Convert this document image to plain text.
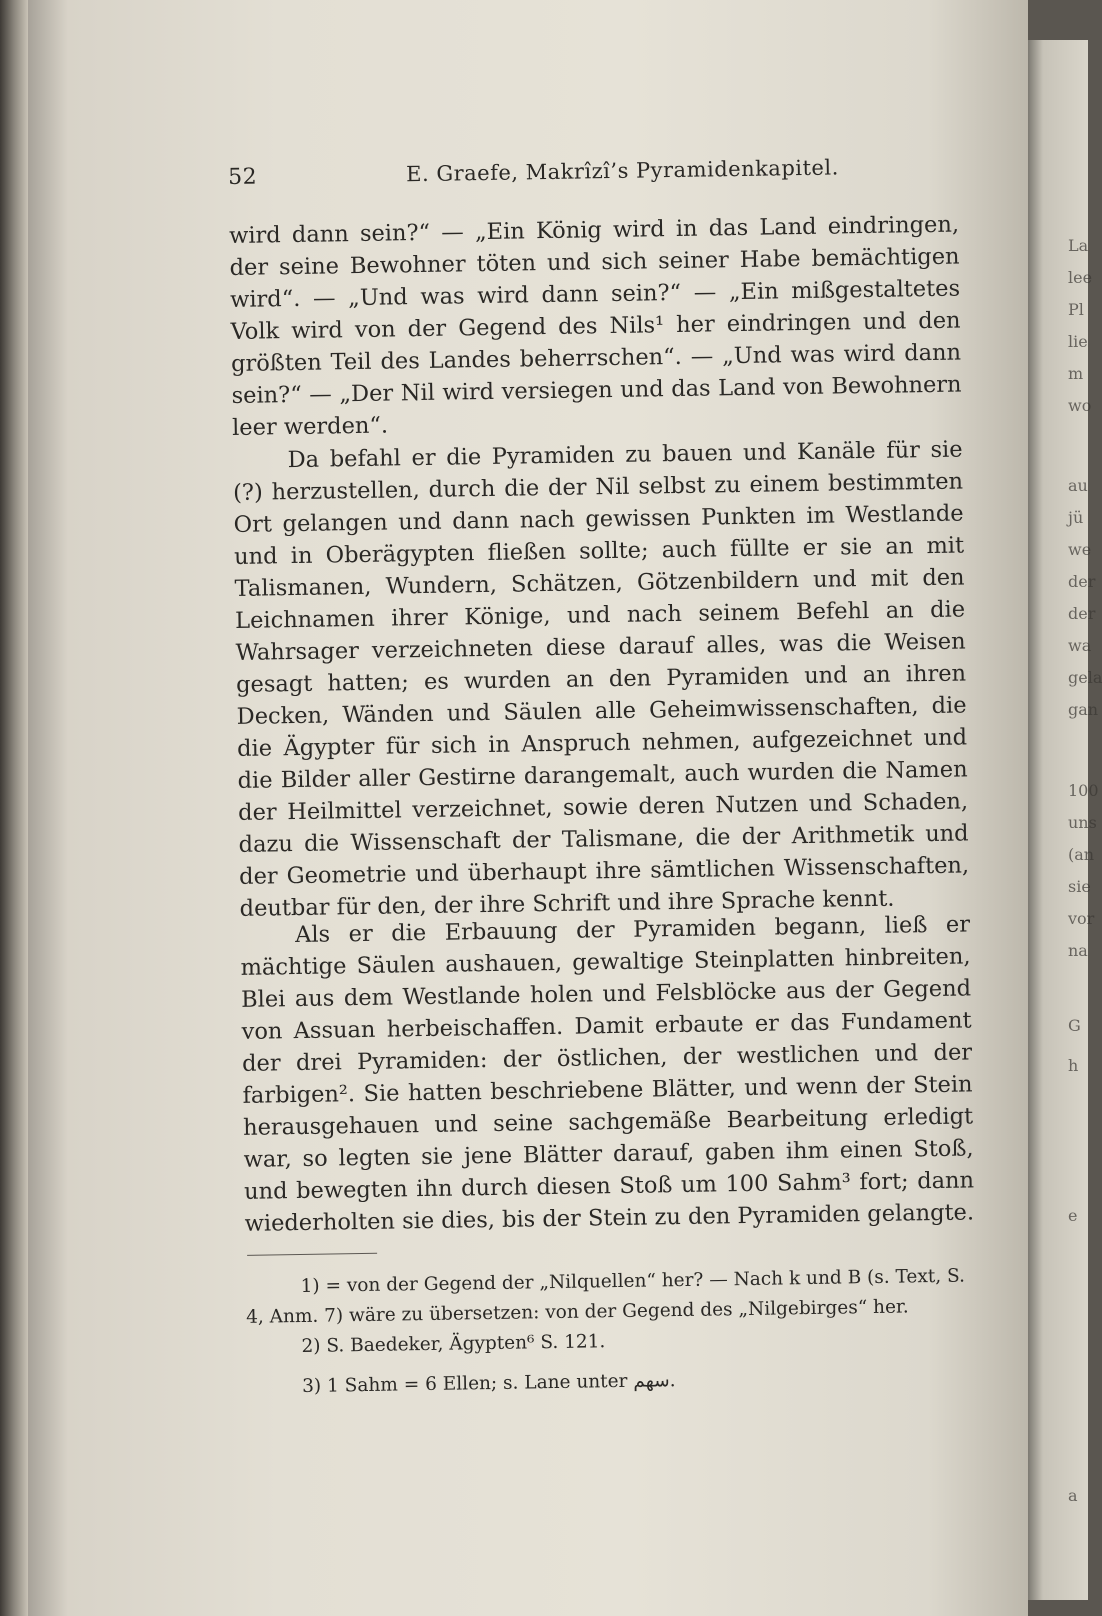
52	E. Graefe, Makrîzî’s Pyramidenkapitel.

wird dann sein?“ — „Ein König wird in das Land eindringen, der seine Bewohner töten und sich seiner Habe bemächtigen wird“. — „Und was wird dann sein?“ — „Ein mißgestaltetes Volk wird von der Gegend des Nils¹ her eindringen und den größten Teil des Landes beherrschen“. — „Und was wird dann sein?“ — „Der Nil wird versiegen und das Land von Bewohnern leer werden“.

Da befahl er die Pyramiden zu bauen und Kanäle für sie (?) herzustellen, durch die der Nil selbst zu einem bestimmten Ort gelangen und dann nach gewissen Punkten im Westlande und in Oberägypten fließen sollte; auch füllte er sie an mit Talismanen, Wundern, Schätzen, Götzenbildern und mit den Leichnamen ihrer Könige, und nach seinem Befehl an die Wahrsager verzeichneten diese darauf alles, was die Weisen gesagt hatten; es wurden an den Pyramiden und an ihren Decken, Wänden und Säulen alle Geheimwissenschaften, die die Ägypter für sich in Anspruch nehmen, aufgezeichnet und die Bilder aller Gestirne darangemalt, auch wurden die Namen der Heilmittel verzeichnet, sowie deren Nutzen und Schaden, dazu die Wissenschaft der Talismane, die der Arithmetik und der Geometrie und überhaupt ihre sämtlichen Wissenschaften, deutbar für den, der ihre Schrift und ihre Sprache kennt.

Als er die Erbauung der Pyramiden begann, ließ er mächtige Säulen aushauen, gewaltige Steinplatten hinbreiten, Blei aus dem Westlande holen und Felsblöcke aus der Gegend von Assuan herbeischaffen. Damit erbaute er das Fundament der drei Pyramiden: der östlichen, der westlichen und der farbigen². Sie hatten beschriebene Blätter, und wenn der Stein herausgehauen und seine sachgemäße Bearbeitung erledigt war, so legten sie jene Blätter darauf, gaben ihm einen Stoß, und bewegten ihn durch diesen Stoß um 100 Sahm³ fort; dann wiederholten sie dies, bis der Stein zu den Pyramiden gelangte.

1) = von der Gegend der „Nilquellen“ her? — Nach k und B (s. Text, S. 4, Anm. 7) wäre zu übersetzen: von der Gegend des „Nilgebirges“ her.

2) S. Baedeker, Ägypten⁶ S. 121.

3) 1 Sahm = 6 Ellen; s. Lane unter سهم.

La
lee
Pl
lie
m
wo
au
jü
we
der
der
wa
gela
gan
100
uns
(an
sie
vor
na
G
h
e
a
